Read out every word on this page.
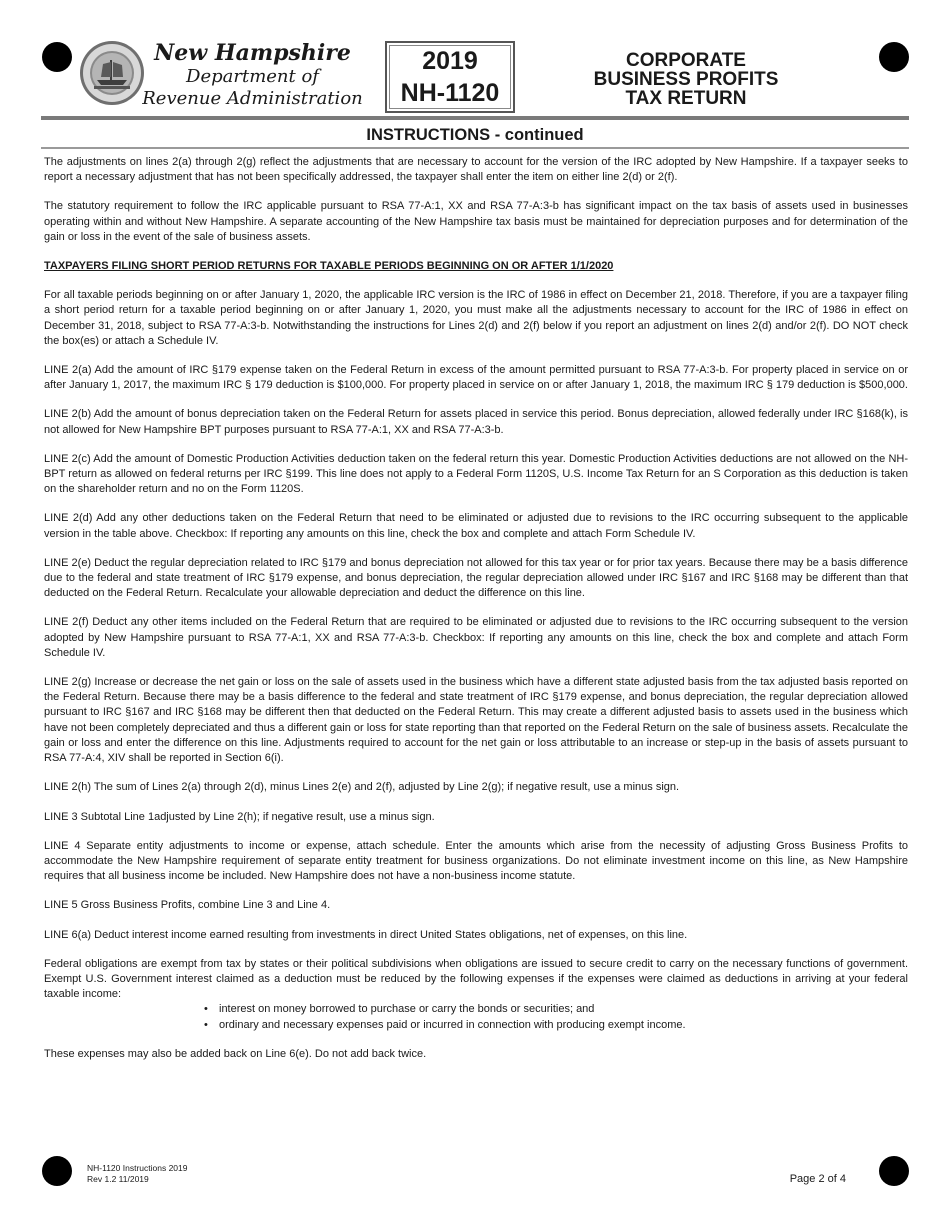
New Hampshire
Department of
Revenue Administration
2019
NH-1120
CORPORATE
BUSINESS PROFITS
TAX RETURN
INSTRUCTIONS - continued

The adjustments on lines 2(a) through 2(g) reflect the adjustments that are necessary to account for the version of the IRC adopted by New Hampshire. If a taxpayer seeks to report a necessary adjustment that has not been specifically addressed, the taxpayer shall enter the item on either line 2(d) or 2(f).

The statutory requirement to follow the IRC applicable pursuant to RSA 77-A:1, XX and RSA 77-A:3-b has significant impact on the tax basis of assets used in businesses operating within and without New Hampshire. A separate accounting of the New Hampshire tax basis must be maintained for depreciation purposes and for determination of the gain or loss in the event of the sale of business assets.

TAXPAYERS FILING SHORT PERIOD RETURNS FOR TAXABLE PERIODS BEGINNING ON OR AFTER 1/1/2020

For all taxable periods beginning on or after January 1, 2020, the applicable IRC version is the IRC of 1986 in effect on December 21, 2018. Therefore, if you are a taxpayer filing a short period return for a taxable period beginning on or after January 1, 2020, you must make all the adjustments necessary to account for the IRC of 1986 in effect on December 31, 2018, subject to RSA 77-A:3-b. Notwithstanding the instructions for Lines 2(d) and 2(f) below if you report an adjustment on lines 2(d) and/or 2(f). DO NOT check the box(es) or attach a Schedule IV.

LINE 2(a) Add the amount of IRC §179 expense taken on the Federal Return in excess of the amount permitted pursuant to RSA 77-A:3-b. For property placed in service on or after January 1, 2017, the maximum IRC § 179 deduction is $100,000. For property placed in service on or after January 1, 2018, the maximum IRC § 179 deduction is $500,000.

LINE 2(b) Add the amount of bonus depreciation taken on the Federal Return for assets placed in service this period. Bonus depreciation, allowed federally under IRC §168(k), is not allowed for New Hampshire BPT purposes pursuant to RSA 77-A:1, XX and RSA 77-A:3-b.

LINE 2(c) Add the amount of Domestic Production Activities deduction taken on the federal return this year. Domestic Production Activities deductions are not allowed on the NH-BPT return as allowed on federal returns per IRC §199. This line does not apply to a Federal Form 1120S, U.S. Income Tax Return for an S Corporation as this deduction is taken on the shareholder return and no on the Form 1120S.

LINE 2(d) Add any other deductions taken on the Federal Return that need to be eliminated or adjusted due to revisions to the IRC occurring subsequent to the applicable version in the table above. Checkbox: If reporting any amounts on this line, check the box and complete and attach Form Schedule IV.

LINE 2(e) Deduct the regular depreciation related to IRC §179 and bonus depreciation not allowed for this tax year or for prior tax years. Because there may be a basis difference due to the federal and state treatment of IRC §179 expense, and bonus depreciation, the regular depreciation allowed under IRC §167 and IRC §168 may be different than that deducted on the Federal Return. Recalculate your allowable depreciation and deduct the difference on this line.

LINE 2(f) Deduct any other items included on the Federal Return that are required to be eliminated or adjusted due to revisions to the IRC occurring subsequent to the version adopted by New Hampshire pursuant to RSA 77-A:1, XX and RSA 77-A:3-b. Checkbox: If reporting any amounts on this line, check the box and complete and attach Form Schedule IV.

LINE 2(g) Increase or decrease the net gain or loss on the sale of assets used in the business which have a different state adjusted basis from the tax adjusted basis reported on the Federal Return. Because there may be a basis difference to the federal and state treatment of IRC §179 expense, and bonus depreciation, the regular depreciation allowed pursuant to IRC §167 and IRC §168 may be different then that deducted on the Federal Return. This may create a different adjusted basis to assets used in the business which have not been completely depreciated and thus a different gain or loss for state reporting than that reported on the Federal Return on the sale of business assets. Recalculate the gain or loss and enter the difference on this line. Adjustments required to account for the net gain or loss attributable to an increase or step-up in the basis of assets pursuant to RSA 77-A:4, XIV shall be reported in Section 6(i).

LINE 2(h) The sum of Lines 2(a) through 2(d), minus Lines 2(e) and 2(f), adjusted by Line 2(g); if negative result, use a minus sign.

LINE 3 Subtotal Line 1adjusted by Line 2(h); if negative result, use a minus sign.

LINE 4 Separate entity adjustments to income or expense, attach schedule. Enter the amounts which arise from the necessity of adjusting Gross Business Profits to accommodate the New Hampshire requirement of separate entity treatment for business organizations. Do not eliminate investment income on this line, as New Hampshire requires that all business income be included. New Hampshire does not have a non-business income statute.

LINE 5 Gross Business Profits, combine Line 3 and Line 4.

LINE 6(a) Deduct interest income earned resulting from investments in direct United States obligations, net of expenses, on this line.

Federal obligations are exempt from tax by states or their political subdivisions when obligations are issued to secure credit to carry on the necessary functions of government. Exempt U.S. Government interest claimed as a deduction must be reduced by the following expenses if the expenses were claimed as deductions in arriving at your federal taxable income:

• interest on money borrowed to purchase or carry the bonds or securities; and
• ordinary and necessary expenses paid or incurred in connection with producing exempt income.

These expenses may also be added back on Line 6(e). Do not add back twice.

NH-1120 Instructions 2019
Rev 1.2 11/2019	Page 2 of 4
